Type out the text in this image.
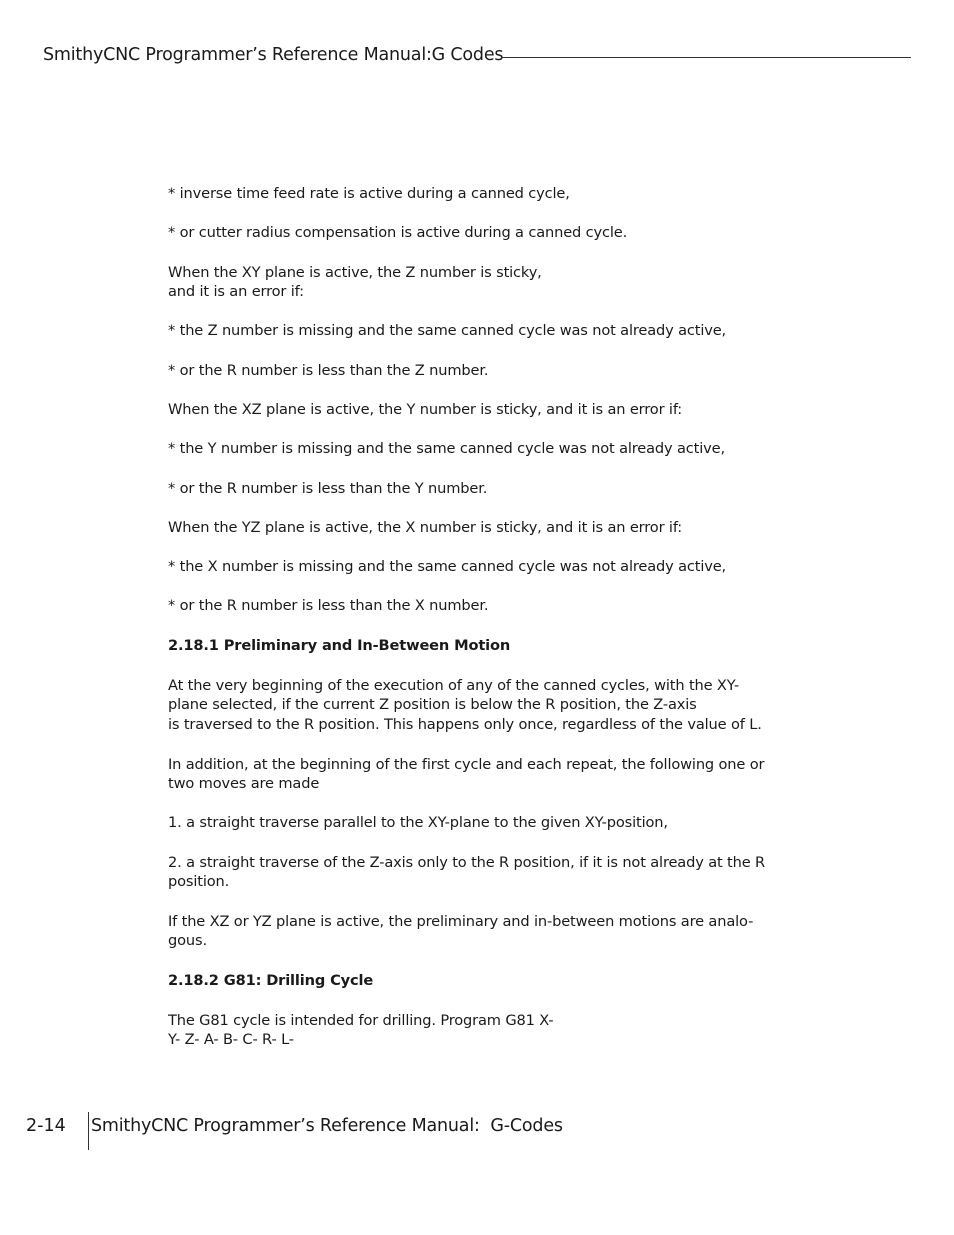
SmithyCNC Programmer’s Reference Manual:G Codes
* inverse time feed rate is active during a canned cycle,
* or cutter radius compensation is active during a canned cycle.
When the XY plane is active, the Z number is sticky,
and it is an error if:
* the Z number is missing and the same canned cycle was not already active,
* or the R number is less than the Z number.
When the XZ plane is active, the Y number is sticky, and it is an error if:
* the Y number is missing and the same canned cycle was not already active,
* or the R number is less than the Y number.
When the YZ plane is active, the X number is sticky, and it is an error if:
* the X number is missing and the same canned cycle was not already active,
* or the R number is less than the X number.
2.18.1 Preliminary and In-Between Motion
At the very beginning of the execution of any of the canned cycles, with the XY-
plane selected, if the current Z position is below the R position, the Z-axis
is traversed to the R position. This happens only once, regardless of the value of L.
In addition, at the beginning of the first cycle and each repeat, the following one or
two moves are made
1. a straight traverse parallel to the XY-plane to the given XY-position,
2. a straight traverse of the Z-axis only to the R position, if it is not already at the R
position.
If the XZ or YZ plane is active, the preliminary and in-between motions are analo-
gous.
2.18.2 G81: Drilling Cycle
The G81 cycle is intended for drilling. Program G81 X-
Y- Z- A- B- C- R- L-
2-14 SmithyCNC Programmer’s Reference Manual:  G-Codes
